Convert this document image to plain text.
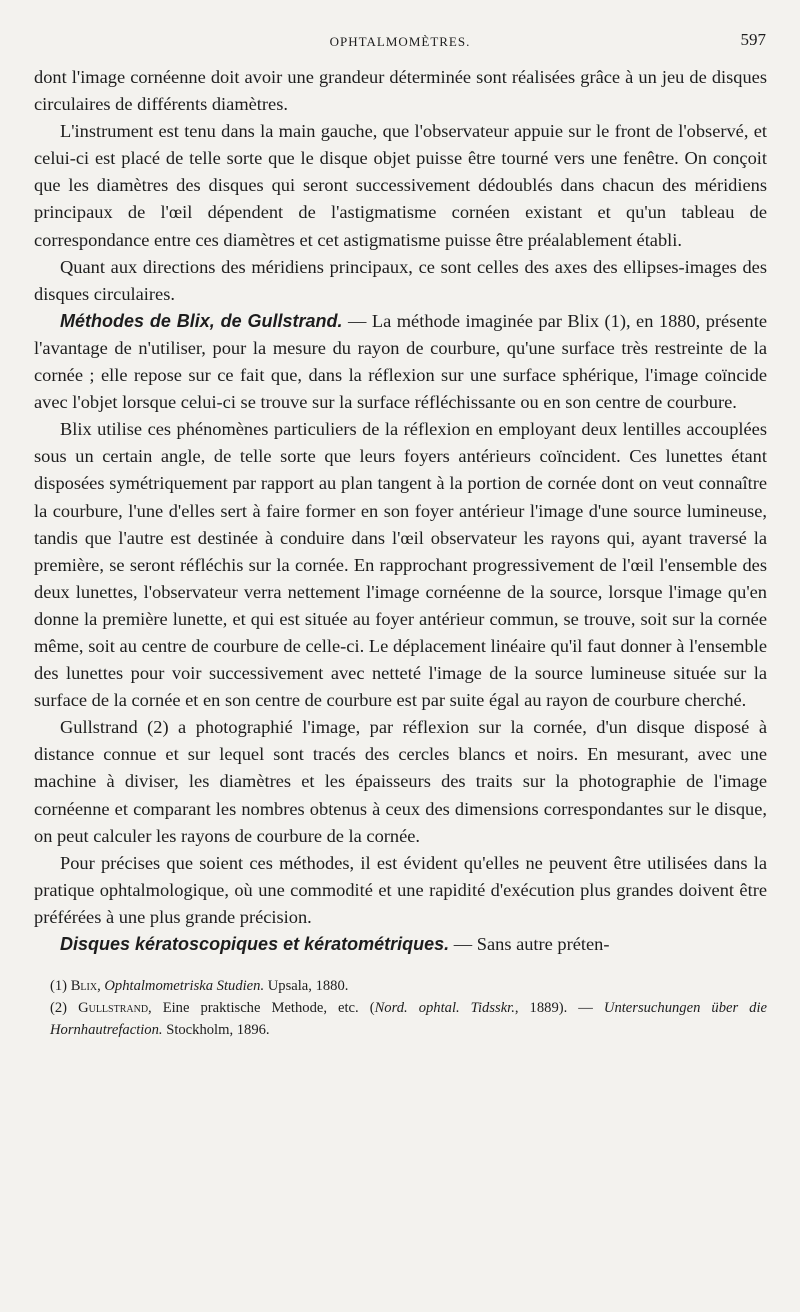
OPHTALMOMÈTRES.	597

dont l'image cornéenne doit avoir une grandeur déterminée sont réalisées grâce à un jeu de disques circulaires de différents diamètres.

L'instrument est tenu dans la main gauche, que l'observateur appuie sur le front de l'observé, et celui-ci est placé de telle sorte que le disque objet puisse être tourné vers une fenêtre. On conçoit que les diamètres des disques qui seront successivement dédoublés dans chacun des méridiens principaux de l'œil dépendent de l'astigmatisme cornéen existant et qu'un tableau de correspondance entre ces diamètres et cet astigmatisme puisse être préalablement établi.

Quant aux directions des méridiens principaux, ce sont celles des axes des ellipses-images des disques circulaires.

Méthodes de Blix, de Gullstrand. — La méthode imaginée par Blix (1), en 1880, présente l'avantage de n'utiliser, pour la mesure du rayon de courbure, qu'une surface très restreinte de la cornée ; elle repose sur ce fait que, dans la réflexion sur une surface sphérique, l'image coïncide avec l'objet lorsque celui-ci se trouve sur la surface réfléchissante ou en son centre de courbure.

Blix utilise ces phénomènes particuliers de la réflexion en employant deux lentilles accouplées sous un certain angle, de telle sorte que leurs foyers antérieurs coïncident. Ces lunettes étant disposées symétriquement par rapport au plan tangent à la portion de cornée dont on veut connaître la courbure, l'une d'elles sert à faire former en son foyer antérieur l'image d'une source lumineuse, tandis que l'autre est destinée à conduire dans l'œil observateur les rayons qui, ayant traversé la première, se seront réfléchis sur la cornée. En rapprochant progressivement de l'œil l'ensemble des deux lunettes, l'observateur verra nettement l'image cornéenne de la source, lorsque l'image qu'en donne la première lunette, et qui est située au foyer antérieur commun, se trouve, soit sur la cornée même, soit au centre de courbure de celle-ci. Le déplacement linéaire qu'il faut donner à l'ensemble des lunettes pour voir successivement avec netteté l'image de la source lumineuse située sur la surface de la cornée et en son centre de courbure est par suite égal au rayon de courbure cherché.

Gullstrand (2) a photographié l'image, par réflexion sur la cornée, d'un disque disposé à distance connue et sur lequel sont tracés des cercles blancs et noirs. En mesurant, avec une machine à diviser, les diamètres et les épaisseurs des traits sur la photographie de l'image cornéenne et comparant les nombres obtenus à ceux des dimensions correspondantes sur le disque, on peut calculer les rayons de courbure de la cornée.

Pour précises que soient ces méthodes, il est évident qu'elles ne peuvent être utilisées dans la pratique ophtalmologique, où une commodité et une rapidité d'exécution plus grandes doivent être préférées à une plus grande précision.

Disques kératoscopiques et kératométriques. — Sans autre préten-

(1) Blix, Ophtalmometriska Studien. Upsala, 1880.

(2) Gullstrand, Eine praktische Methode, etc. (Nord. ophtal. Tidsskr., 1889). — Untersuchungen über die Hornhautrefaction. Stockholm, 1896.
